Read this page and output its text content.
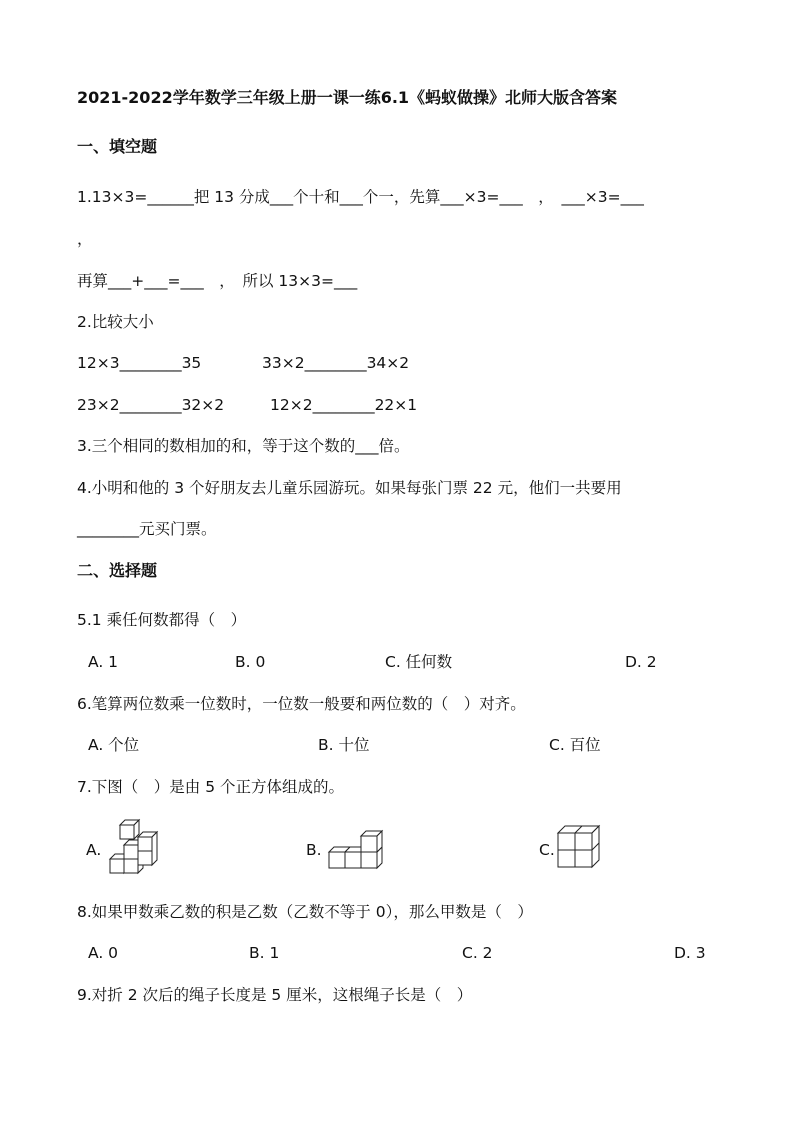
2021-2022学年数学三年级上册一课一练6.1《蚂蚁做操》北师大版含答案
一、填空题
1.13×3=______把 13 分成___个十和___个一，先算___×3=___　，　___×3=___
，
再算___+___=___　，　所以 13×3=___
2.比较大小
12×3________35	33×2________34×2
23×2________32×2	12×2________22×1
3.三个相同的数相加的和，等于这个数的___倍。
4.小明和他的 3 个好朋友去儿童乐园游玩。如果每张门票 22 元，他们一共要用
________元买门票。
二、选择题
5.1 乘任何数都得（　）
A. 1	B. 0	C. 任何数	D. 2
6.笔算两位数乘一位数时，一位数一般要和两位数的（　）对齐。
A. 个位	B. 十位	C. 百位
7.下图（　）是由 5 个正方体组成的。
A.	B.	C.
8.如果甲数乘乙数的积是乙数（乙数不等于 0），那么甲数是（　）
A. 0	B. 1	C. 2	D. 3
9.对折 2 次后的绳子长度是 5 厘米，这根绳子长是（　）
